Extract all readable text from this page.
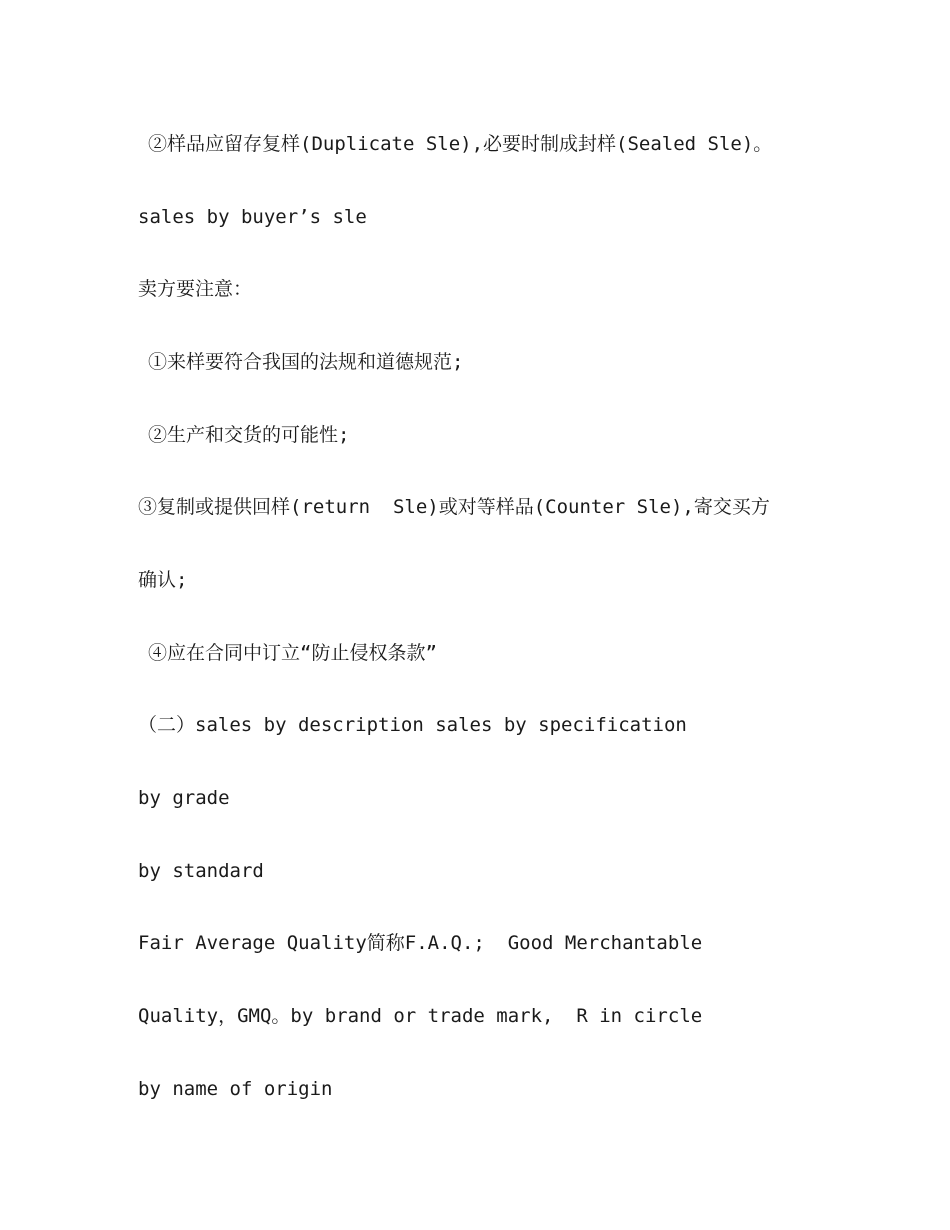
②样品应留存复样(Duplicate Sle),必要时制成封样(Sealed Sle)。
sales by buyer’s sle
卖方要注意：
①来样要符合我国的法规和道德规范;
②生产和交货的可能性;
③复制或提供回样(return  Sle)或对等样品(Counter Sle),寄交买方
确认;
④应在合同中订立“防止侵权条款”
（二）sales by description sales by specification
by grade
by standard
Fair Average Quality简称F.A.Q.;  Good Merchantable
Quality，GMQ。by brand or trade mark,  R in circle
by name of origin
